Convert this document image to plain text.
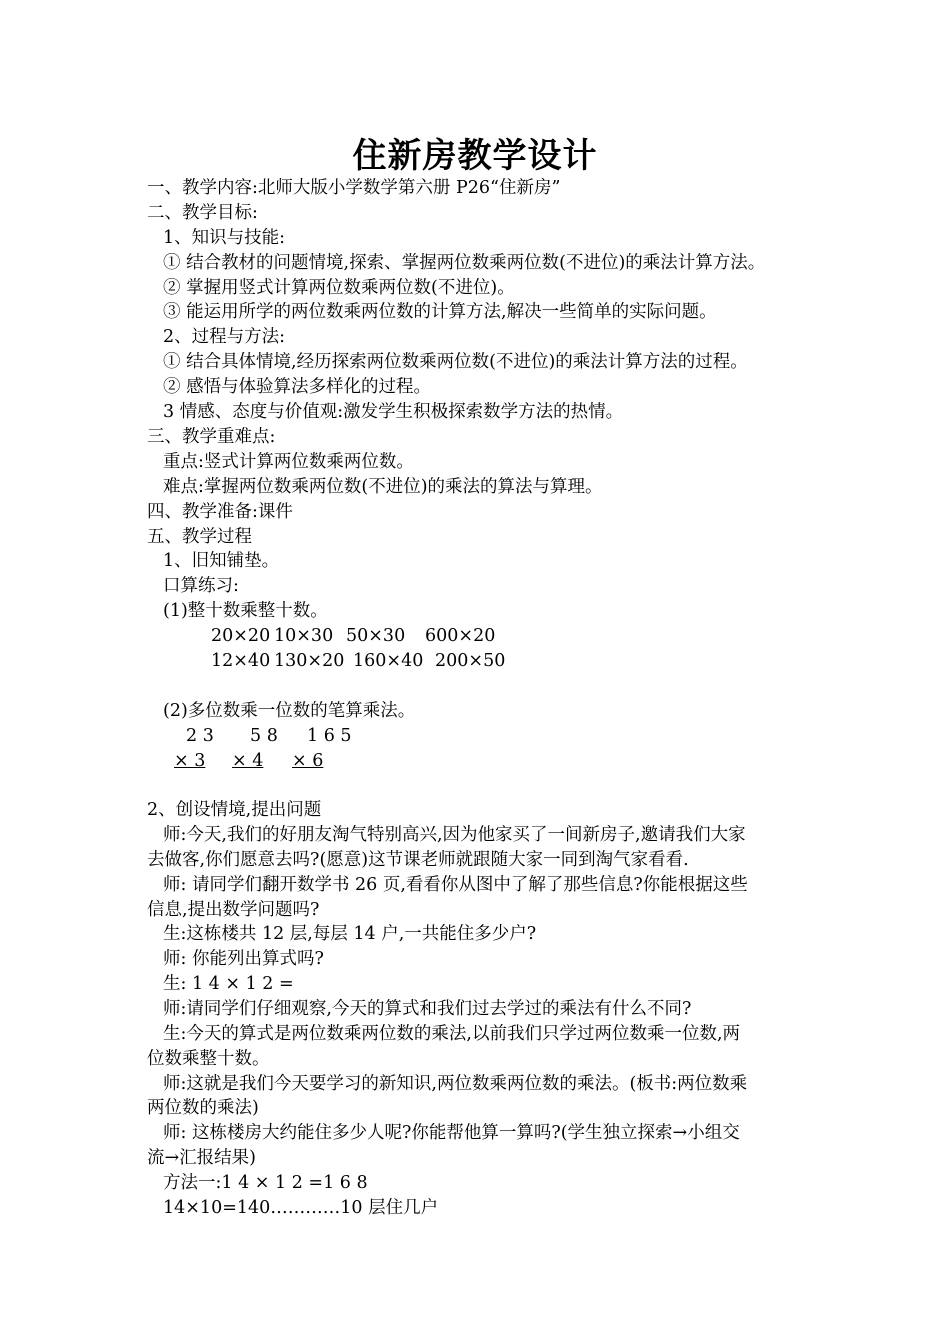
住新房教学设计
一、教学内容:北师大版小学数学第六册 P26“住新房”
二、教学目标:
1、知识与技能:
① 结合教材的问题情境,探索、掌握两位数乘两位数(不进位)的乘法计算方法。
② 掌握用竖式计算两位数乘两位数(不进位)。
③ 能运用所学的两位数乘两位数的计算方法,解决一些简单的实际问题。
2、过程与方法:
① 结合具体情境,经历探索两位数乘两位数(不进位)的乘法计算方法的过程。
② 感悟与体验算法多样化的过程。
3 情感、态度与价值观:激发学生积极探索数学方法的热情。
三、教学重难点:
重点:竖式计算两位数乘两位数。
难点:掌握两位数乘两位数(不进位)的乘法的算法与算理。
四、教学准备:课件
五、教学过程
1、旧知铺垫。
口算练习:
(1)整十数乘整十数。
20×20 10×30 50×30 600×20
12×40 130×20 160×40 200×50
(2)多位数乘一位数的笔算乘法。
2 3 5 8 1 6 5
× 3	× 4	× 6
2、创设情境,提出问题
师:今天,我们的好朋友淘气特别高兴,因为他家买了一间新房子,邀请我们大家
去做客,你们愿意去吗?(愿意)这节课老师就跟随大家一同到淘气家看看.
师: 请同学们翻开数学书 26 页,看看你从图中了解了那些信息?你能根据这些
信息,提出数学问题吗?
生:这栋楼共 12 层,每层 14 户,一共能住多少户?
师: 你能列出算式吗?
生: 1 4 × 1 2 =
师:请同学们仔细观察,今天的算式和我们过去学过的乘法有什么不同?
生:今天的算式是两位数乘两位数的乘法,以前我们只学过两位数乘一位数,两
位数乘整十数。
师:这就是我们今天要学习的新知识,两位数乘两位数的乘法。(板书:两位数乘
两位数的乘法)
师: 这栋楼房大约能住多少人呢?你能帮他算一算吗?(学生独立探索→小组交
流→汇报结果)
方法一:1 4 × 1 2 =1 6 8
14×10=140…………10 层住几户
